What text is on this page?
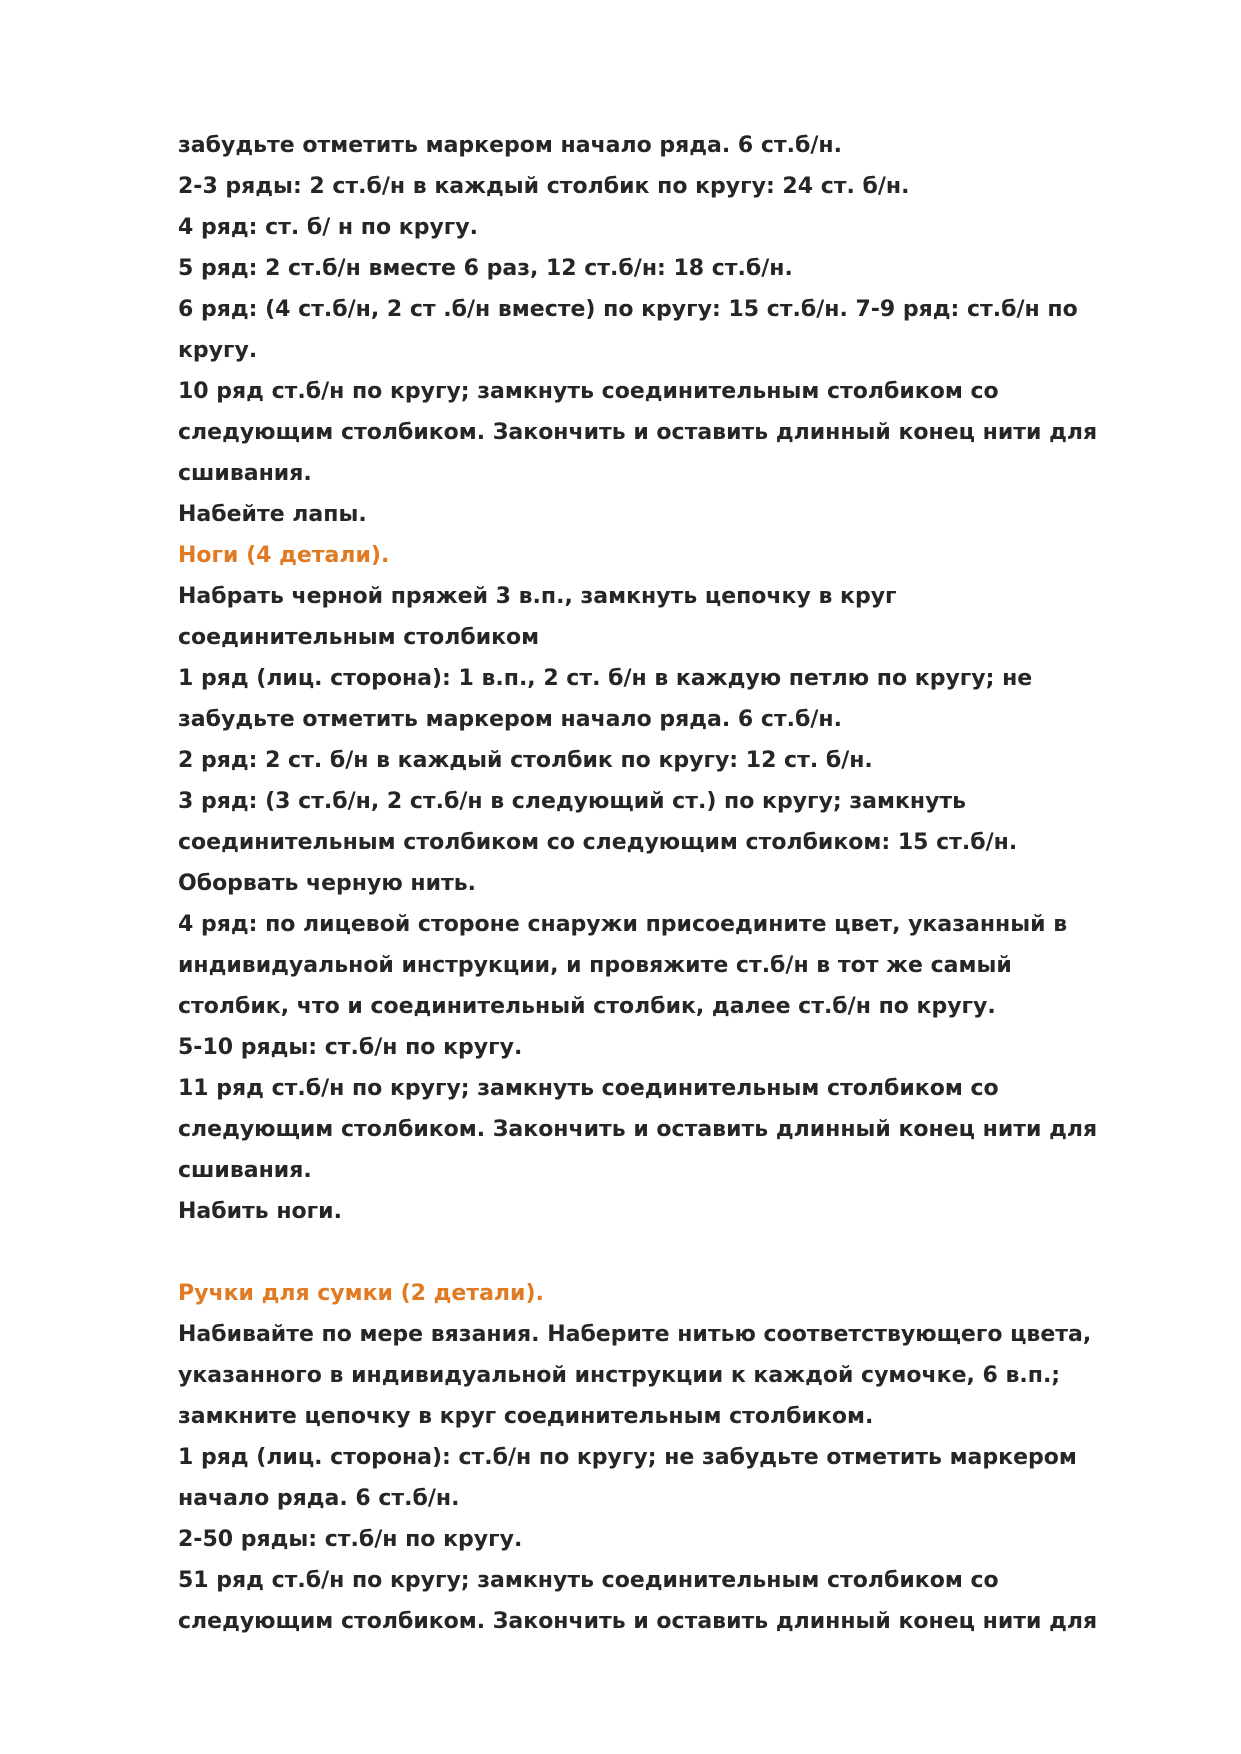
забудьте отметить маркером начало ряда. 6 ст.б/н.
2-3 ряды: 2 ст.б/н в каждый столбик по кругу: 24 ст. б/н.
4 ряд: ст. б/ н по кругу.
5 ряд: 2 ст.б/н вместе 6 раз, 12 ст.б/н: 18 ст.б/н.
6 ряд: (4 ст.б/н, 2 ст .б/н вместе) по кругу: 15 ст.б/н. 7-9 ряд: ст.б/н по
кругу.
10 ряд ст.б/н по кругу; замкнуть соединительным столбиком со
следующим столбиком. Закончить и оставить длинный конец нити для
сшивания.
Набейте лапы.
Ноги (4 детали).
Набрать черной пряжей 3 в.п., замкнуть цепочку в круг
соединительным столбиком
1 ряд (лиц. сторона): 1 в.п., 2 ст. б/н в каждую петлю по кругу; не
забудьте отметить маркером начало ряда. 6 ст.б/н.
2 ряд: 2 ст. б/н в каждый столбик по кругу: 12 ст. б/н.
3 ряд: (3 ст.б/н, 2 ст.б/н в следующий ст.) по кругу; замкнуть
соединительным столбиком со следующим столбиком: 15 ст.б/н.
Оборвать черную нить.
4 ряд: по лицевой стороне снаружи присоедините цвет, указанный в
индивидуальной инструкции, и провяжите ст.б/н в тот же самый
столбик, что и соединительный столбик, далее ст.б/н по кругу.
5-10 ряды: ст.б/н по кругу.
11 ряд ст.б/н по кругу; замкнуть соединительным столбиком со
следующим столбиком. Закончить и оставить длинный конец нити для
сшивания.
Набить ноги.
Ручки для сумки (2 детали).
Набивайте по мере вязания. Наберите нитью соответствующего цвета,
указанного в индивидуальной инструкции к каждой сумочке, 6 в.п.;
замкните цепочку в круг соединительным столбиком.
1 ряд (лиц. сторона): ст.б/н по кругу; не забудьте отметить маркером
начало ряда. 6 ст.б/н.
2-50 ряды: ст.б/н по кругу.
51 ряд ст.б/н по кругу; замкнуть соединительным столбиком со
следующим столбиком. Закончить и оставить длинный конец нити для
